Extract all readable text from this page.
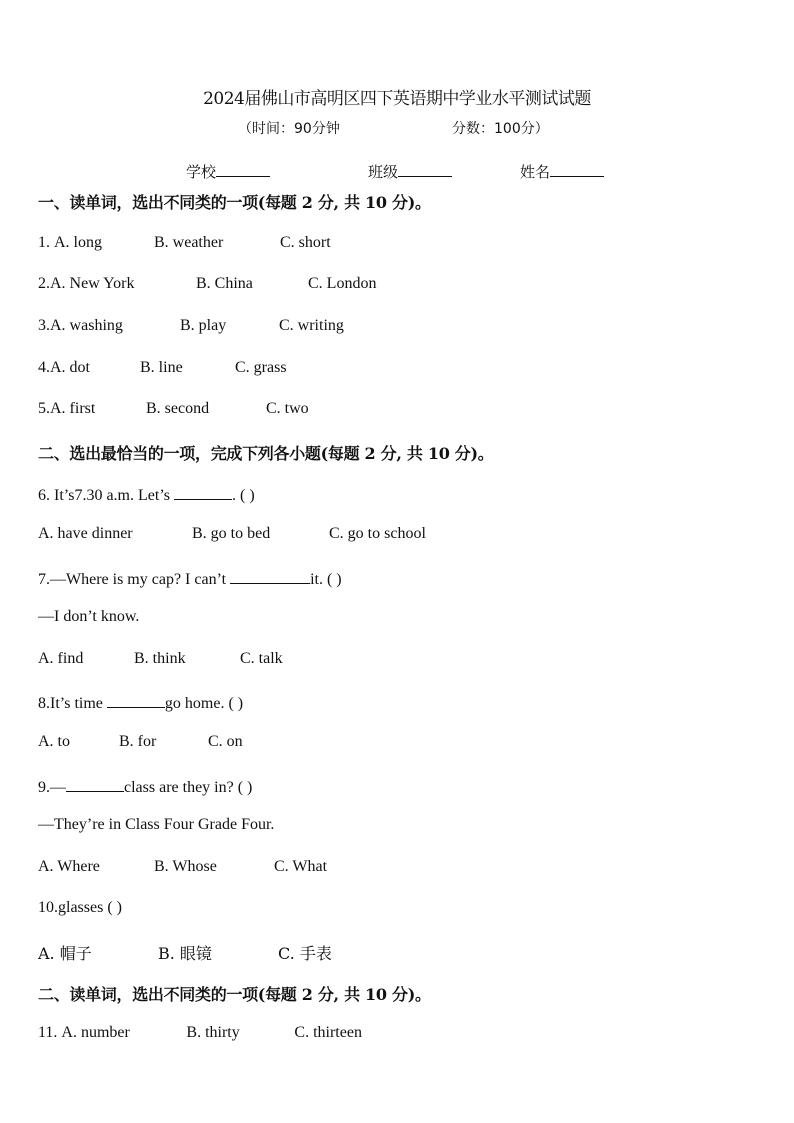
2024届佛山市高明区四下英语期中学业水平测试试题
（时间：90分钟	分数：100分）
学校	班级	姓名
一、读单词，选出不同类的一项(每题 2 分, 共 10 分)。
1. A. long	B. weather	C. short
2.A. New York	B. China	C. London
3.A. washing	B. play	C. writing
4.A. dot	B. line	C. grass
5.A. first	B. second	C. two
二、选出最恰当的一项，完成下列各小题(每题 2 分, 共 10 分)。
6. It’s7.30 a.m. Let’s	. ( )
A. have dinner	B. go to bed	C. go to school
7.—Where is my cap? I can’t	it. ( )
—I don’t know.
A. find	B. think	C. talk
8.It’s time	go home. ( )
A. to	B. for	C. on
9.—	class are they in? ( )
—They’re in Class Four Grade Four.
A. Where	B. Whose	C. What
10.glasses ( )
A. 帽子	B. 眼镜	C. 手表
二、读单词，选出不同类的一项(每题 2 分, 共 10 分)。
11. A. number	B. thirty	C. thirteen
